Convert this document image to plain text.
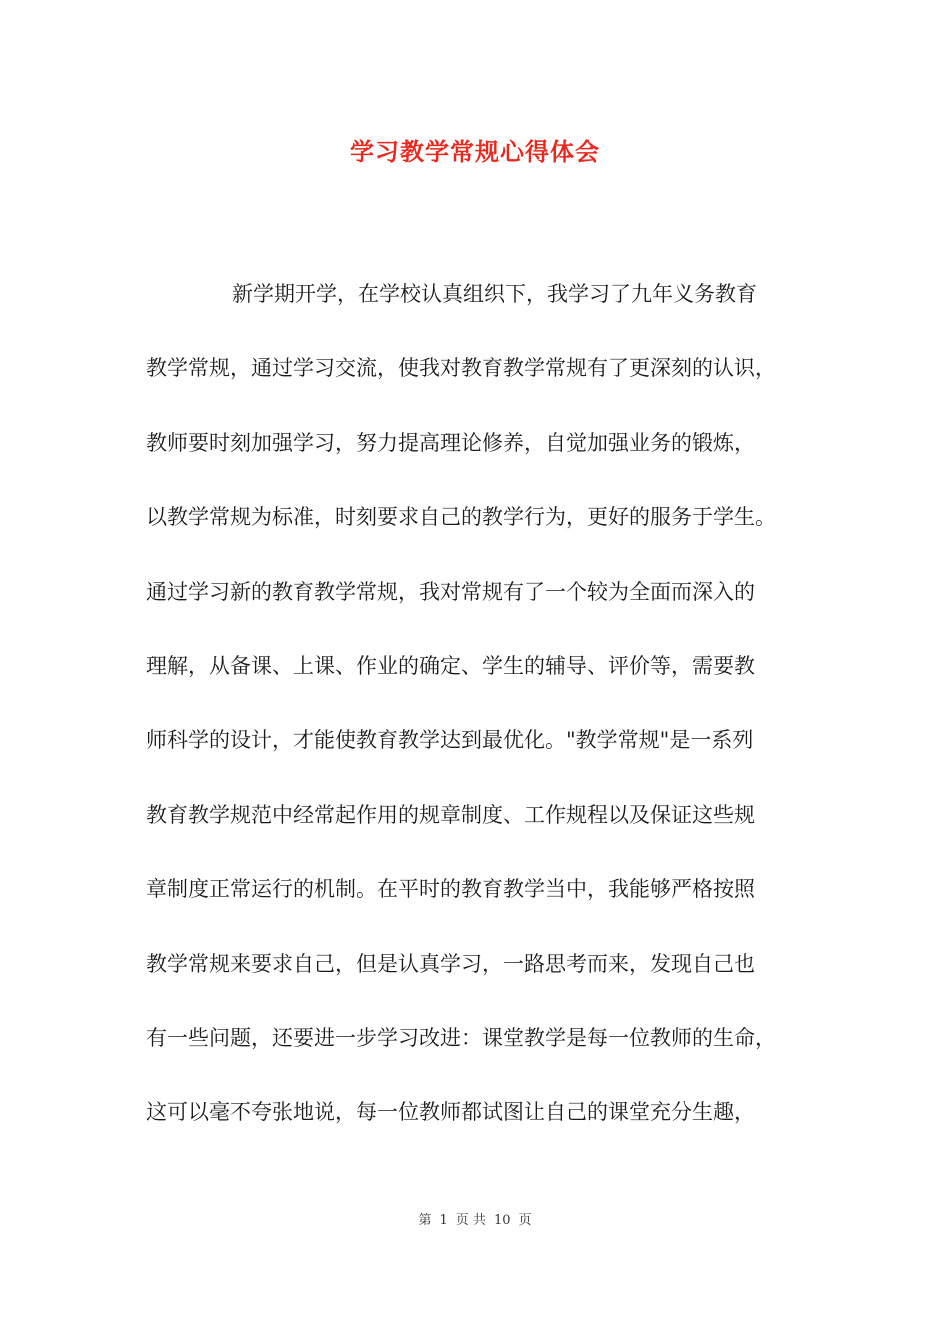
学习教学常规心得体会
新学期开学，在学校认真组织下，我学习了九年义务教育
教学常规，通过学习交流，使我对教育教学常规有了更深刻的认识，
教师要时刻加强学习，努力提高理论修养，自觉加强业务的锻炼，
以教学常规为标准，时刻要求自己的教学行为，更好的服务于学生。
通过学习新的教育教学常规，我对常规有了一个较为全面而深入的
理解，从备课、上课、作业的确定、学生的辅导、评价等，需要教
师科学的设计，才能使教育教学达到最优化。"教学常规"是一系列
教育教学规范中经常起作用的规章制度、工作规程以及保证这些规
章制度正常运行的机制。在平时的教育教学当中，我能够严格按照
教学常规来要求自己，但是认真学习，一路思考而来，发现自己也
有一些问题，还要进一步学习改进：课堂教学是每一位教师的生命，
这可以毫不夸张地说，每一位教师都试图让自己的课堂充分生趣，
第 1 页 共 10 页
